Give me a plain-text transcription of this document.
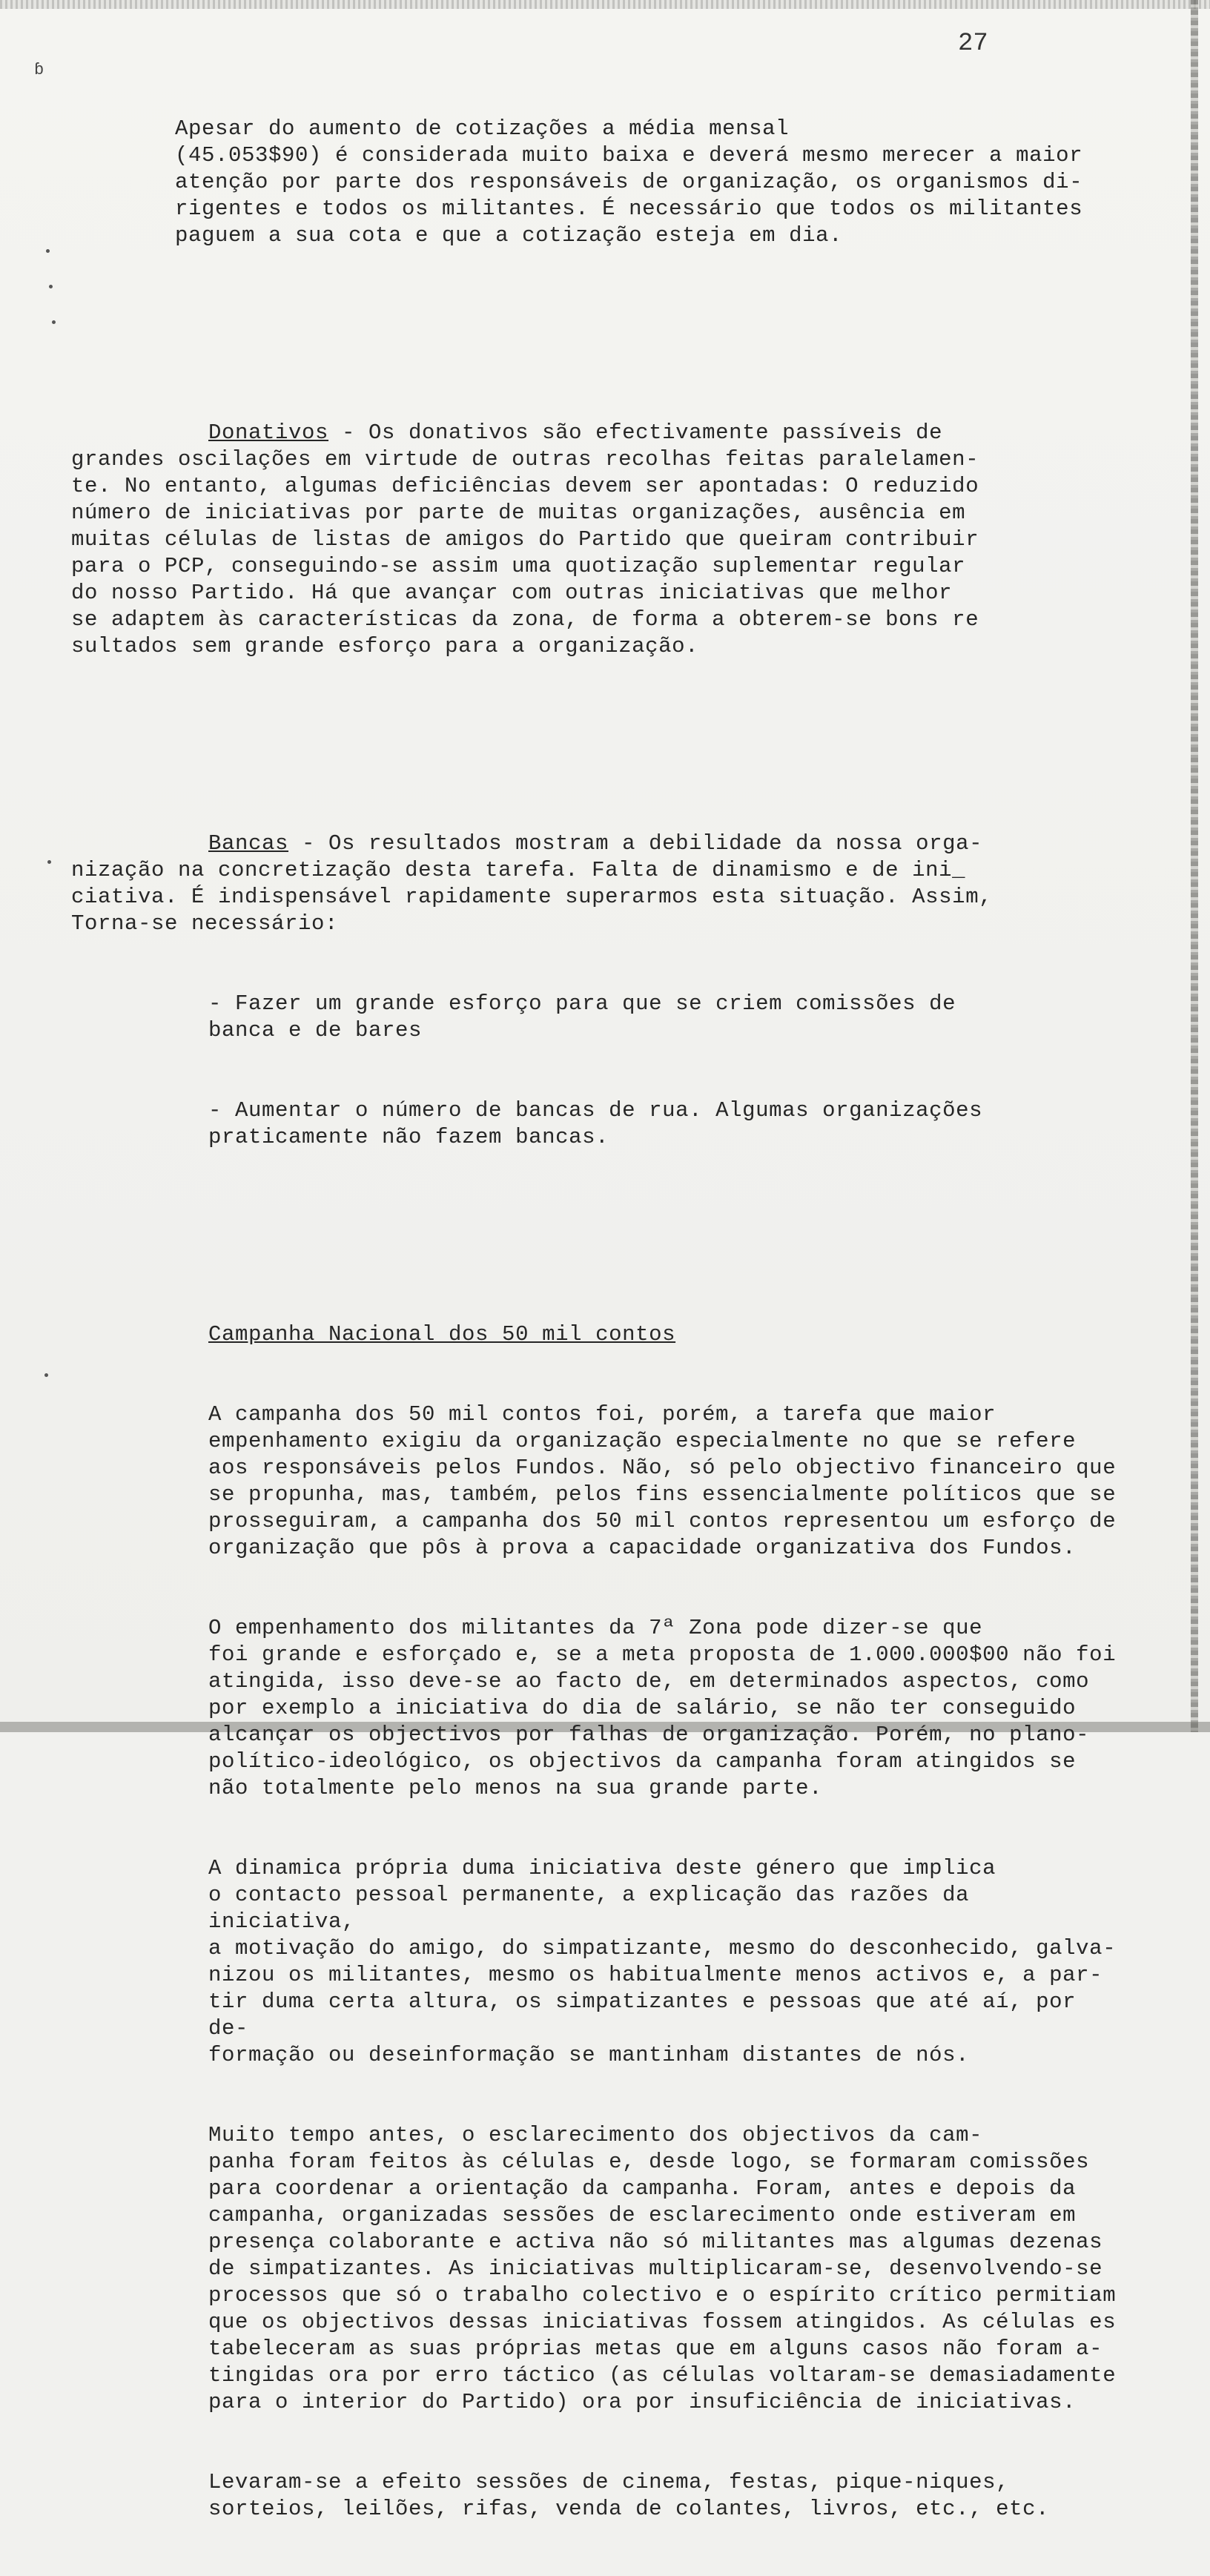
27
ɓ

Apesar do aumento de cotizações a média mensal
(45.053$90) é considerada muito baixa e deverá mesmo merecer a maior
atenção por parte dos responsáveis de organização, os organismos di-
rigentes e todos os militantes. É necessário que todos os militantes
paguem a sua cota e que a cotização esteja em dia.

Donativos - Os donativos são efectivamente passíveis de
grandes oscilações em virtude de outras recolhas feitas paralelamen-
te. No entanto, algumas deficiências devem ser apontadas: O reduzido
número de iniciativas por parte de muitas organizações, ausência em
muitas células de listas de amigos do Partido que queiram contribuir
para o PCP, conseguindo-se assim uma quotização suplementar regular
do nosso Partido. Há que avançar com outras iniciativas que melhor
se adaptem às características da zona, de forma a obterem-se bons re
sultados sem grande esforço para a organização.

Bancas - Os resultados mostram a debilidade da nossa orga-
nização na concretização desta tarefa. Falta de dinamismo e de ini_
ciativa. É indispensável rapidamente superarmos esta situação. Assim,
Torna-se necessário:

- Fazer um grande esforço para que se criem comissões de
banca e de bares

- Aumentar o número de bancas de rua. Algumas organizações
praticamente não fazem bancas.

Campanha Nacional dos 50 mil contos

A campanha dos 50 mil contos foi, porém, a tarefa que maior
empenhamento exigiu da organização especialmente no que se refere
aos responsáveis pelos Fundos. Não, só pelo objectivo financeiro que
se propunha, mas, também, pelos fins essencialmente políticos que se
prosseguiram, a campanha dos 50 mil contos representou um esforço de
organização que pôs à prova a capacidade organizativa dos Fundos.

O empenhamento dos militantes da 7ª Zona pode dizer-se que
foi grande e esforçado e, se a meta proposta de 1.000.000$00 não foi
atingida, isso deve-se ao facto de, em determinados aspectos, como
por exemplo a iniciativa do dia de salário, se não ter conseguido
alcançar os objectivos por falhas de organização. Porém, no plano-
político-ideológico, os objectivos da campanha foram atingidos se
não totalmente pelo menos na sua grande parte.

A dinamica própria duma iniciativa deste género que implica
o contacto pessoal permanente, a explicação das razões da iniciativa,
a motivação do amigo, do simpatizante, mesmo do desconhecido, galva-
nizou os militantes, mesmo os habitualmente menos activos e, a par-
tir duma certa altura, os simpatizantes e pessoas que até aí, por de-
formação ou deseinformação se mantinham distantes de nós.

Muito tempo antes, o esclarecimento dos objectivos da cam-
panha foram feitos às células e, desde logo, se formaram comissões
para coordenar a orientação da campanha. Foram, antes e depois da
campanha, organizadas sessões de esclarecimento onde estiveram em
presença colaborante e activa não só militantes mas algumas dezenas
de simpatizantes. As iniciativas multiplicaram-se, desenvolvendo-se
processos que só o trabalho colectivo e o espírito crítico permitiam
que os objectivos dessas iniciativas fossem atingidos. As células es
tabeleceram as suas próprias metas que em alguns casos não foram a-
tingidas ora por erro táctico (as células voltaram-se demasiadamente
para o interior do Partido) ora por insuficiência de iniciativas.

Levaram-se a efeito sessões de cinema, festas, pique-niques,
sorteios, leilões, rifas, venda de colantes, livros, etc., etc.
